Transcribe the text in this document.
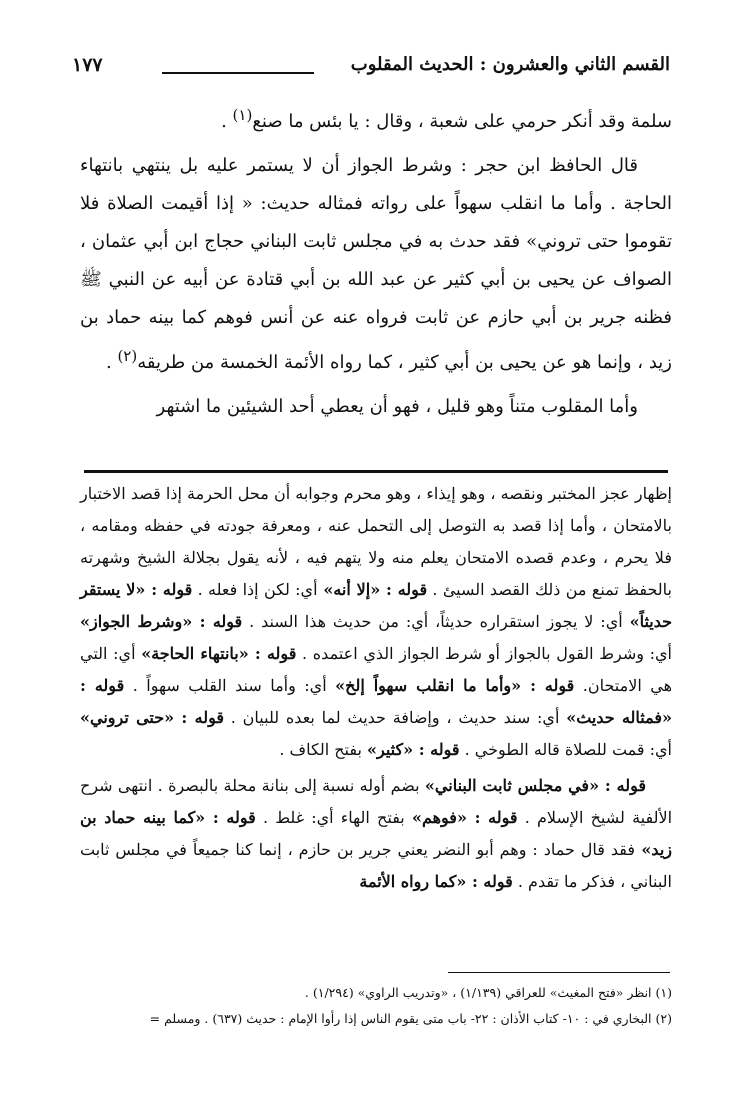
القسم الثاني والعشرون : الحديث المقلوب
١٧٧

سلمة وقد أنكر حرمي على شعبة ، وقال : يا بئس ما صنع$^{(١)}$ .

قال الحافظ ابن حجر : وشرط الجواز أن لا يستمر عليه بل ينتهي بانتهاء الحاجة . وأما ما انقلب سهواً على رواته فمثاله حديث: « إذا أقيمت الصلاة فلا تقوموا حتى تروني» فقد حدث به في مجلس ثابت البناني حجاج ابن أبي عثمان ، الصواف عن يحيى بن أبي كثير عن عبد الله بن أبي قتادة عن أبيه عن النبي ﷺ فظنه جرير بن أبي حازم عن ثابت فرواه عنه عن أنس فوهم كما بينه حماد بن زيد ، وإنما هو عن يحيى بن أبي كثير ، كما رواه الأئمة الخمسة من طريقه$^{(٢)}$ .

وأما المقلوب متناً وهو قليل ، فهو أن يعطي أحد الشيئين ما اشتهر

إظهار عجز المختبر ونقصه ، وهو إيذاء ، وهو محرم وجوابه أن محل الحرمة إذا قصد الاختبار بالامتحان ، وأما إذا قصد به التوصل إلى التحمل عنه ، ومعرفة جودته في حفظه ومقامه ، فلا يحرم ، وعدم قصده الامتحان يعلم منه ولا يتهم فيه ، لأنه يقول بجلالة الشيخ وشهرته بالحفظ تمنع من ذلك القصد السيئ . قوله : «إلا أنه» أي: لكن إذا فعله . قوله : «لا يستقر حديثاً» أي: لا يجوز استقراره حديثاً، أي: من حديث هذا السند . قوله : «وشرط الجواز» أي: وشرط القول بالجواز أو شرط الجواز الذي اعتمده . قوله : «بانتهاء الحاجة» أي: التي هي الامتحان. قوله : «وأما ما انقلب سهواً إلخ» أي: وأما سند القلب سهواً . قوله : «فمثاله حديث» أي: سند حديث ، وإضافة حديث لما بعده للبيان . قوله : «حتى تروني» أي: قمت للصلاة قاله الطوخي . قوله : «كثير» بفتح الكاف .

قوله : «في مجلس ثابت البناني» بضم أوله نسبة إلى بنانة محلة بالبصرة . انتهى شرح الألفية لشيخ الإسلام . قوله : «فوهم» بفتح الهاء أي: غلط . قوله : «كما بينه حماد بن زيد» فقد قال حماد : وهم أبو النضر يعني جرير بن حازم ، إنما كنا جميعاً في مجلس ثابت البناني ، فذكر ما تقدم . قوله : «كما رواه الأئمة

(١) انظر «فتح المغيث» للعراقي (١/١٣٩) ، «وتدريب الراوي» (١/٢٩٤) .

(٢) البخاري في : ١٠- كتاب الأذان : ٢٢- باب متى يقوم الناس إذا رأوا الإمام : حديث (٦٣٧) . ومسلم =
